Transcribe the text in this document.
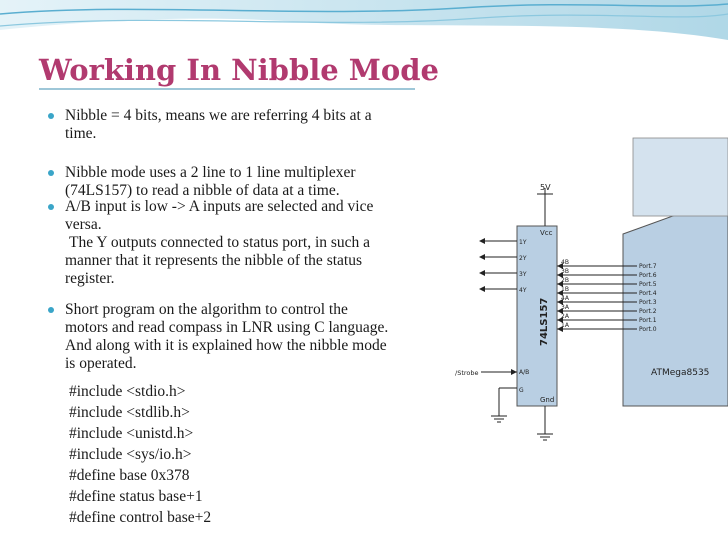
Working In Nibble Mode
Nibble = 4 bits, means we are referring 4 bits at a
time.
Nibble mode uses a 2 line to 1 line multiplexer
(74LS157) to read a nibble of data at a time.
A/B input is low -> A inputs are selected and vice
versa.
The Y outputs connected to status port, in such a
manner that it represents the nibble of the status
register.
Short program on the algorithm to control the
motors and read compass in LNR using C language.
And along with it is explained how the nibble mode
is operated.
#include <stdio.h>
#include <stdlib.h>
#include <unistd.h>
#include <sys/io.h>
#define base 0x378
#define status base+1
#define control base+2
74LS157
Vcc
Gnd
5V
1Y
2Y
3Y
4Y
4B
3B
2B
1B
4A
3A
2A
1A
Port.7
Port.6
Port.5
Port.4
Port.3
Port.2
Port.1
Port.0
ATMega8535
/Strobe	A/B
G
